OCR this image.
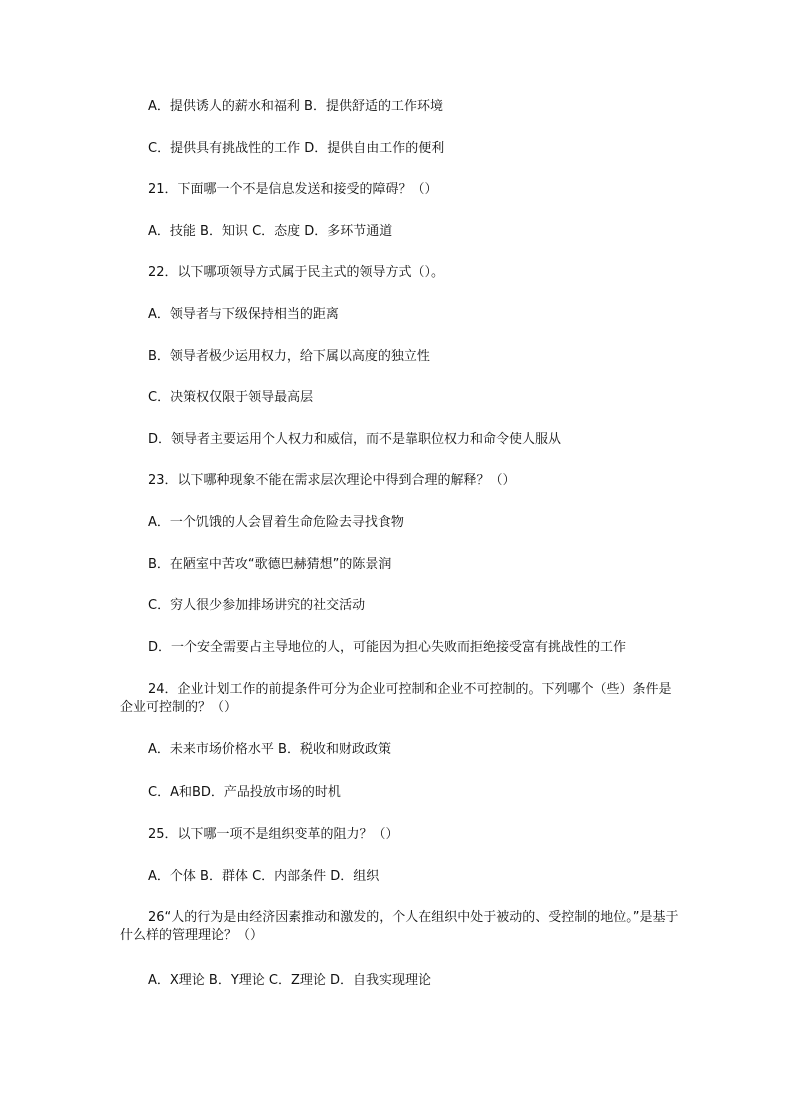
A．提供诱人的薪水和福利 B．提供舒适的工作环境

C．提供具有挑战性的工作 D．提供自由工作的便利

21．下面哪一个不是信息发送和接受的障碍？（）

A．技能 B．知识 C．态度 D．多环节通道

22．以下哪项领导方式属于民主式的领导方式（）。

A．领导者与下级保持相当的距离

B．领导者极少运用权力，给下属以高度的独立性

C．决策权仅限于领导最高层

D．领导者主要运用个人权力和威信，而不是靠职位权力和命令使人服从

23．以下哪种现象不能在需求层次理论中得到合理的解释？（）

A．一个饥饿的人会冒着生命危险去寻找食物

B．在陋室中苦攻“歌德巴赫猜想”的陈景润

C．穷人很少参加排场讲究的社交活动

D．一个安全需要占主导地位的人，可能因为担心失败而拒绝接受富有挑战性的工作

24．企业计划工作的前提条件可分为企业可控制和企业不可控制的。下列哪个（些）条件是企业可控制的？（）

A．未来市场价格水平 B．税收和财政政策

C．A和BD．产品投放市场的时机

25．以下哪一项不是组织变革的阻力？（）

A．个体 B．群体 C．内部条件 D．组织

26“人的行为是由经济因素推动和激发的，个人在组织中处于被动的、受控制的地位。”是基于什么样的管理理论？（）

A．X理论 B．Y理论 C．Z理论 D．自我实现理论
